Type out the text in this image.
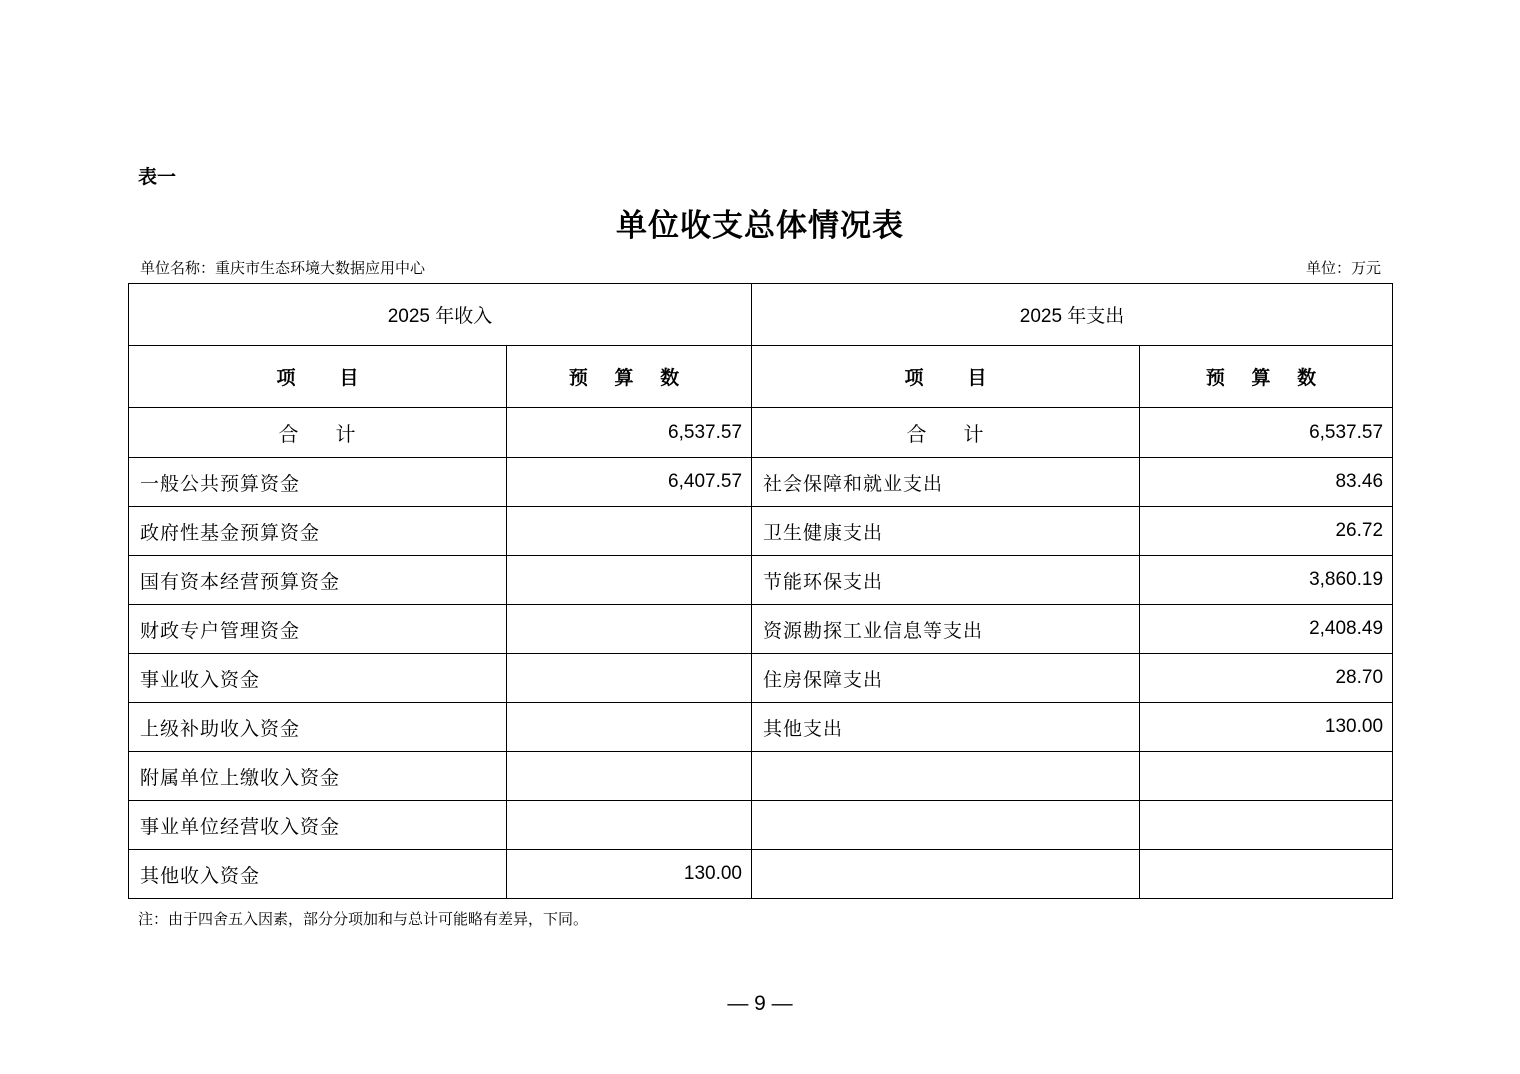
表一
单位收支总体情况表
单位名称：重庆市生态环境大数据应用中心	单位：万元
2025 年收入		2025 年支出	
项 目	预 算 数	项 目	预 算 数
合 计	6,537.57	合 计	6,537.57
一般公共预算资金	6,407.57	社会保障和就业支出	83.46
政府性基金预算资金		卫生健康支出	26.72
国有资本经营预算资金		节能环保支出	3,860.19
财政专户管理资金		资源勘探工业信息等支出	2,408.49
事业收入资金		住房保障支出	28.70
上级补助收入资金		其他支出	130.00
附属单位上缴收入资金			
事业单位经营收入资金			
其他收入资金	130.00		
注：由于四舍五入因素，部分分项加和与总计可能略有差异，下同。
— 9 —
